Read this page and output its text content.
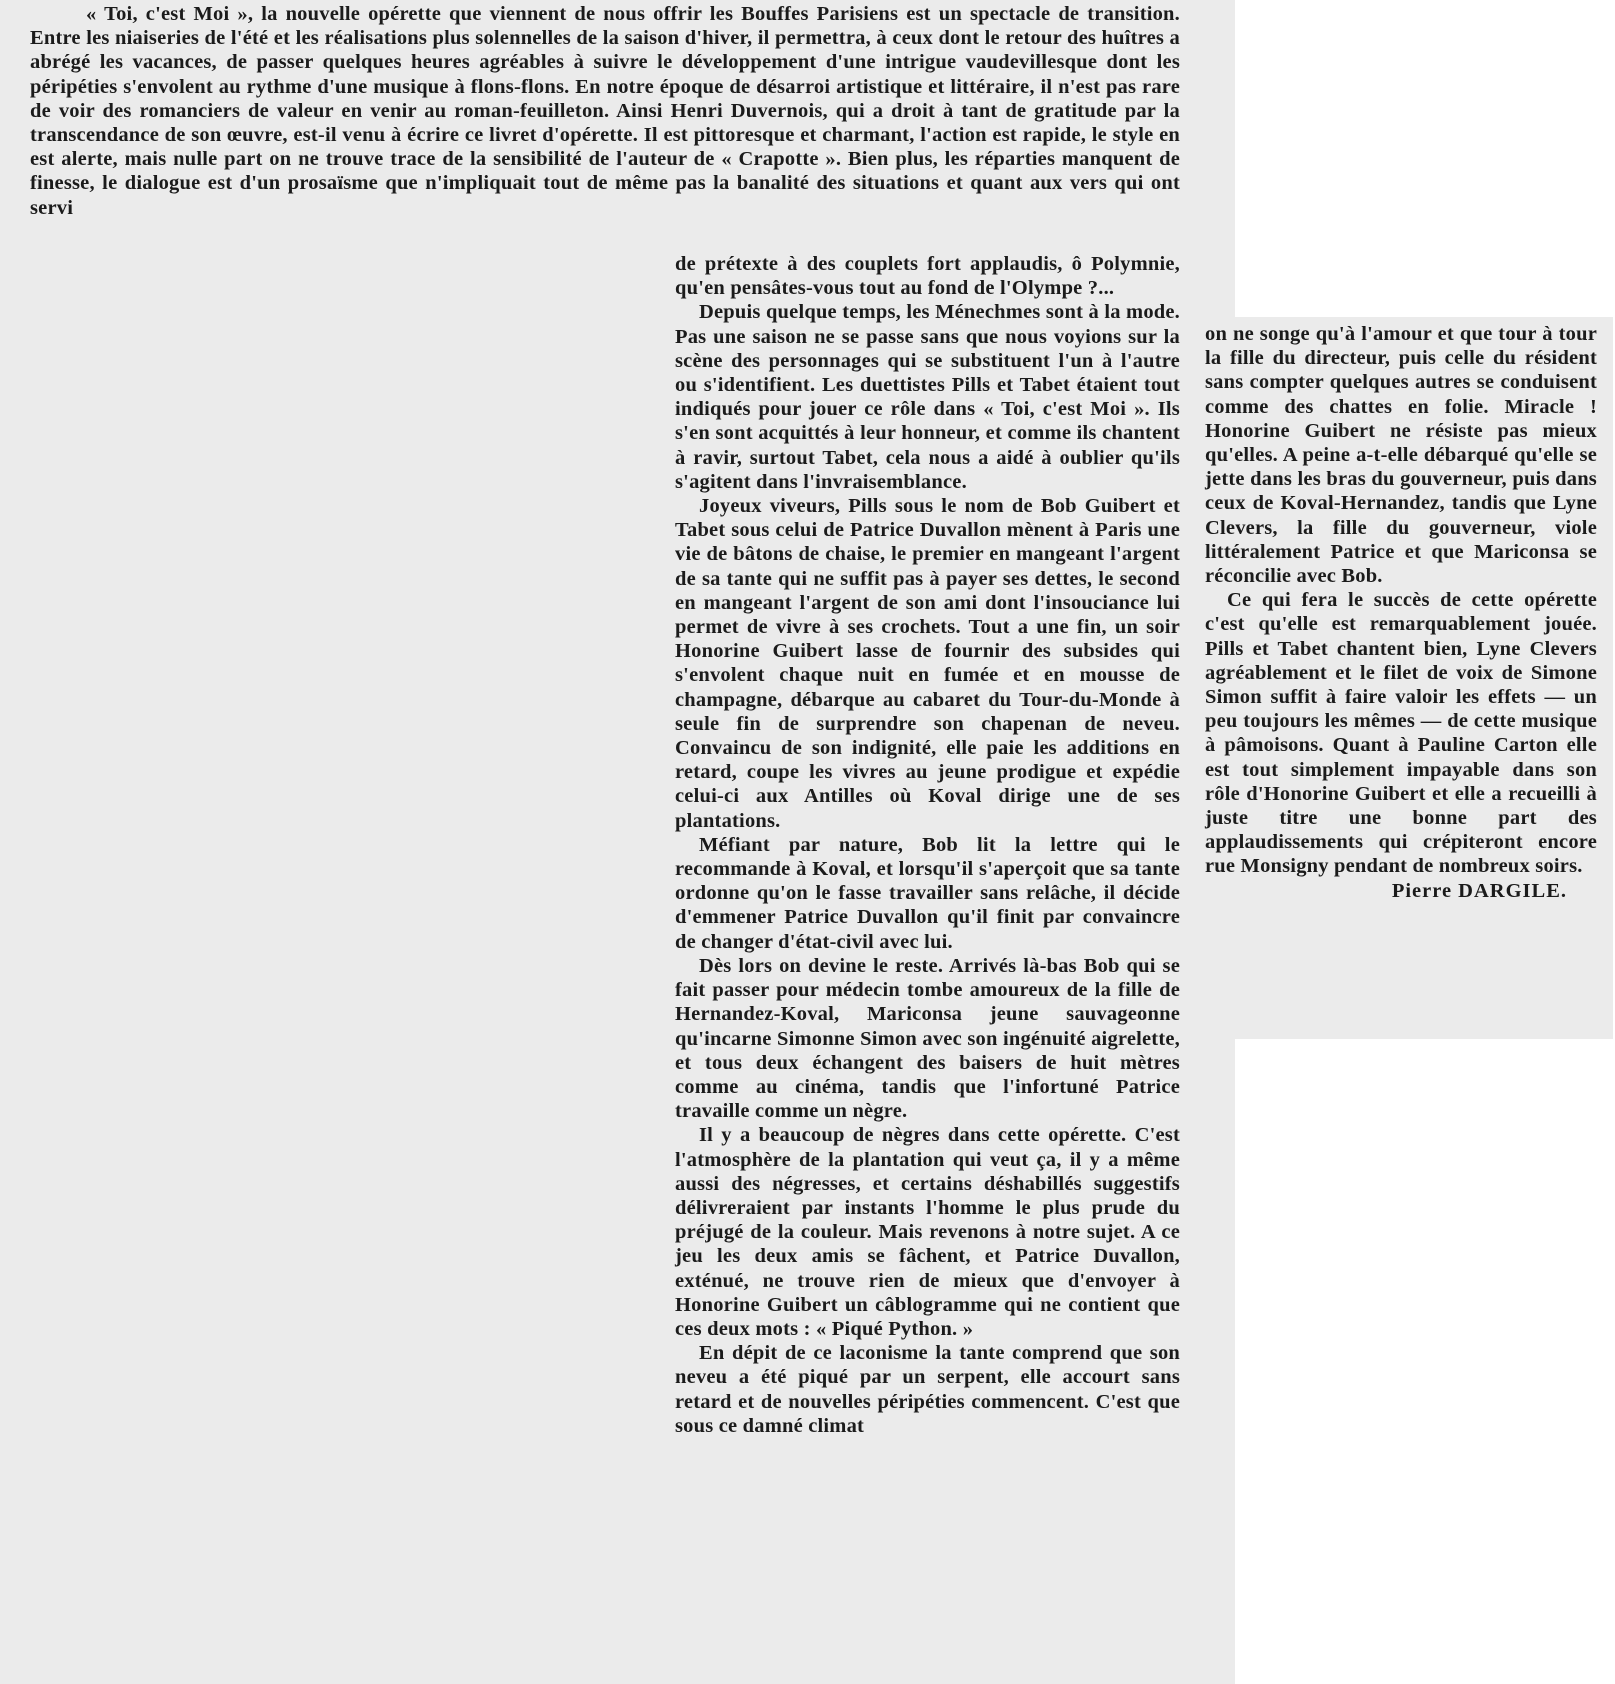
« Toi, c'est Moi », la nouvelle opérette que viennent de nous offrir les Bouffes Parisiens est un spectacle de transition. Entre les niaiseries de l'été et les réalisations plus solennelles de la saison d'hiver, il permettra, à ceux dont le retour des huîtres a abrégé les vacances, de passer quelques heures agréables à suivre le développement d'une intrigue vaudevillesque dont les péripéties s'envolent au rythme d'une musique à flons-flons. En notre époque de désarroi artistique et littéraire, il n'est pas rare de voir des romanciers de valeur en venir au roman-feuilleton. Ainsi Henri Duvernois, qui a droit à tant de gratitude par la transcendance de son œuvre, est-il venu à écrire ce livret d'opérette. Il est pittoresque et charmant, l'action est rapide, le style en est alerte, mais nulle part on ne trouve trace de la sensibilité de l'auteur de « Crapotte ». Bien plus, les réparties manquent de finesse, le dialogue est d'un prosaïsme que n'impliquait tout de même pas la banalité des situations et quant aux vers qui ont servi

de prétexte à des couplets fort applaudis, ô Polymnie, qu'en pensâtes-vous tout au fond de l'Olympe ?...

Depuis quelque temps, les Ménechmes sont à la mode. Pas une saison ne se passe sans que nous voyions sur la scène des personnages qui se substituent l'un à l'autre ou s'identifient. Les duettistes Pills et Tabet étaient tout indiqués pour jouer ce rôle dans « Toi, c'est Moi ». Ils s'en sont acquittés à leur honneur, et comme ils chantent à ravir, surtout Tabet, cela nous a aidé à oublier qu'ils s'agitent dans l'invraisemblance.

Joyeux viveurs, Pills sous le nom de Bob Guibert et Tabet sous celui de Patrice Duvallon mènent à Paris une vie de bâtons de chaise, le premier en mangeant l'argent de sa tante qui ne suffit pas à payer ses dettes, le second en mangeant l'argent de son ami dont l'insouciance lui permet de vivre à ses crochets. Tout a une fin, un soir Honorine Guibert lasse de fournir des subsides qui s'envolent chaque nuit en fumée et en mousse de champagne, débarque au cabaret du Tour-du-Monde à seule fin de surprendre son chapenan de neveu. Convaincu de son indignité, elle paie les additions en retard, coupe les vivres au jeune prodigue et expédie celui-ci aux Antilles où Koval dirige une de ses plantations.

Méfiant par nature, Bob lit la lettre qui le recommande à Koval, et lorsqu'il s'aperçoit que sa tante ordonne qu'on le fasse travailler sans relâche, il décide d'emmener Patrice Duvallon qu'il finit par convaincre de changer d'état-civil avec lui.

Dès lors on devine le reste. Arrivés là-bas Bob qui se fait passer pour médecin tombe amoureux de la fille de Hernandez-Koval, Mariconsa jeune sauvageonne qu'incarne Simonne Simon avec son ingénuité aigrelette, et tous deux échangent des baisers de huit mètres comme au cinéma, tandis que l'infortuné Patrice travaille comme un nègre.

Il y a beaucoup de nègres dans cette opérette. C'est l'atmosphère de la plantation qui veut ça, il y a même aussi des négresses, et certains déshabillés suggestifs délivreraient par instants l'homme le plus prude du préjugé de la couleur. Mais revenons à notre sujet. A ce jeu les deux amis se fâchent, et Patrice Duvallon, exténué, ne trouve rien de mieux que d'envoyer à Honorine Guibert un câblogramme qui ne contient que ces deux mots : « Piqué Python. »

En dépit de ce laconisme la tante comprend que son neveu a été piqué par un serpent, elle accourt sans retard et de nouvelles péripéties commencent. C'est que sous ce damné climat

on ne songe qu'à l'amour et que tour à tour la fille du directeur, puis celle du résident sans compter quelques autres se conduisent comme des chattes en folie. Miracle ! Honorine Guibert ne résiste pas mieux qu'elles. A peine a-t-elle débarqué qu'elle se jette dans les bras du gouverneur, puis dans ceux de Koval-Hernandez, tandis que Lyne Clevers, la fille du gouverneur, viole littéralement Patrice et que Mariconsa se réconcilie avec Bob.

Ce qui fera le succès de cette opérette c'est qu'elle est remarquablement jouée. Pills et Tabet chantent bien, Lyne Clevers agréablement et le filet de voix de Simone Simon suffit à faire valoir les effets — un peu toujours les mêmes — de cette musique à pâmoisons. Quant à Pauline Carton elle est tout simplement impayable dans son rôle d'Honorine Guibert et elle a recueilli à juste titre une bonne part des applaudissements qui crépiteront encore rue Monsigny pendant de nombreux soirs.

Pierre DARGILE.
